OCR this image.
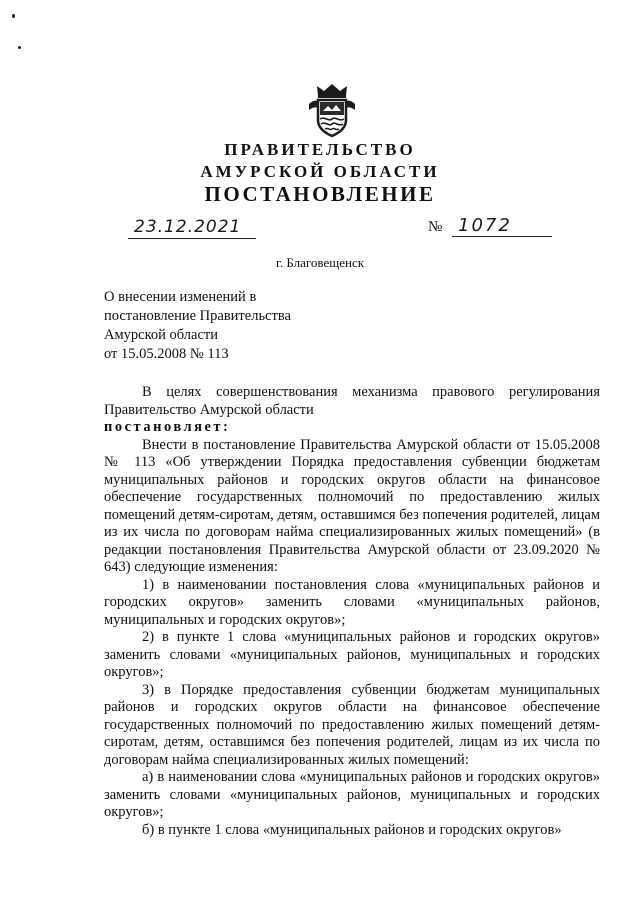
ПРАВИТЕЛЬСТВО
АМУРСКОЙ ОБЛАСТИ
ПОСТАНОВЛЕНИЕ
23.12.2021	№ 1072
г. Благовещенск
О внесении изменений в
постановление Правительства
Амурской области
от 15.05.2008 № 113

В целях совершенствования механизма правового регулирования Правительство Амурской области

постановляет:

Внести в постановление Правительства Амурской области от 15.05.2008 № 113 «Об утверждении Порядка предоставления субвенции бюджетам муниципальных районов и городских округов области на финансовое обеспечение государственных полномочий по предоставлению жилых помещений детям-сиротам, детям, оставшимся без попечения родителей, лицам из их числа по договорам найма специализированных жилых помещений» (в редакции постановления Правительства Амурской области от 23.09.2020 № 643) следующие изменения:

1) в наименовании постановления слова «муниципальных районов и городских округов» заменить словами «муниципальных районов, муниципальных и городских округов»;

2) в пункте 1 слова «муниципальных районов и городских округов» заменить словами «муниципальных районов, муниципальных и городских округов»;

3) в Порядке предоставления субвенции бюджетам муниципальных районов и городских округов области на финансовое обеспечение государственных полномочий по предоставлению жилых помещений детям-сиротам, детям, оставшимся без попечения родителей, лицам из их числа по договорам найма специализированных жилых помещений:

а) в наименовании слова «муниципальных районов и городских округов» заменить словами «муниципальных районов, муниципальных и городских округов»;

б) в пункте 1 слова «муниципальных районов и городских округов»
